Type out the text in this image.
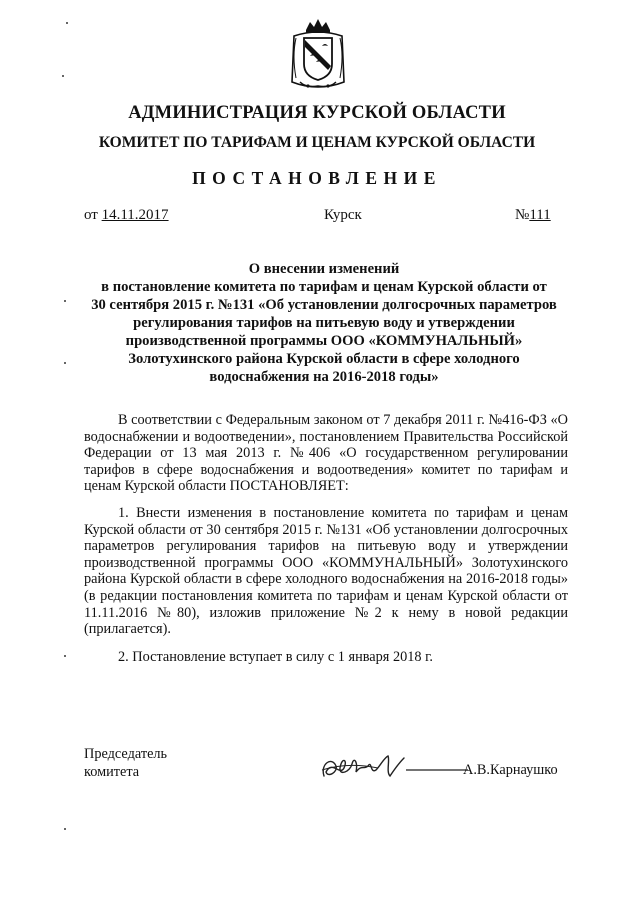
АДМИНИСТРАЦИЯ КУРСКОЙ ОБЛАСТИ
КОМИТЕТ ПО ТАРИФАМ И ЦЕНАМ КУРСКОЙ ОБЛАСТИ
ПОСТАНОВЛЕНИЕ
от 14.11.2017	Курск	№111
О внесении изменений
в постановление комитета по тарифам и ценам Курской области от
30 сентября 2015 г. №131 «Об установлении долгосрочных параметров
регулирования тарифов на питьевую воду и утверждении
производственной программы ООО «КОММУНАЛЬНЫЙ»
Золотухинского района Курской области в сфере холодного
водоснабжения на 2016-2018 годы»

В соответствии с Федеральным законом от 7 декабря 2011 г. №416-ФЗ «О водоснабжении и водоотведении», постановлением Правительства Российской Федерации от 13 мая 2013 г. №406 «О государственном регулировании тарифов в сфере водоснабжения и водоотведения» комитет по тарифам и ценам Курской области ПОСТАНОВЛЯЕТ:

1. Внести изменения в постановление комитета по тарифам и ценам Курской области от 30 сентября 2015 г. №131 «Об установлении долгосрочных параметров регулирования тарифов на питьевую воду и утверждении производственной программы ООО «КОММУНАЛЬНЫЙ» Золотухинского района Курской области в сфере холодного водоснабжения на 2016-2018 годы» (в редакции постановления комитета по тарифам и ценам Курской области от 11.11.2016 №80), изложив приложение №2 к нему в новой редакции (прилагается).

2. Постановление вступает в силу с 1 января 2018 г.

Председатель
комитета	А.В.Карнаушко
